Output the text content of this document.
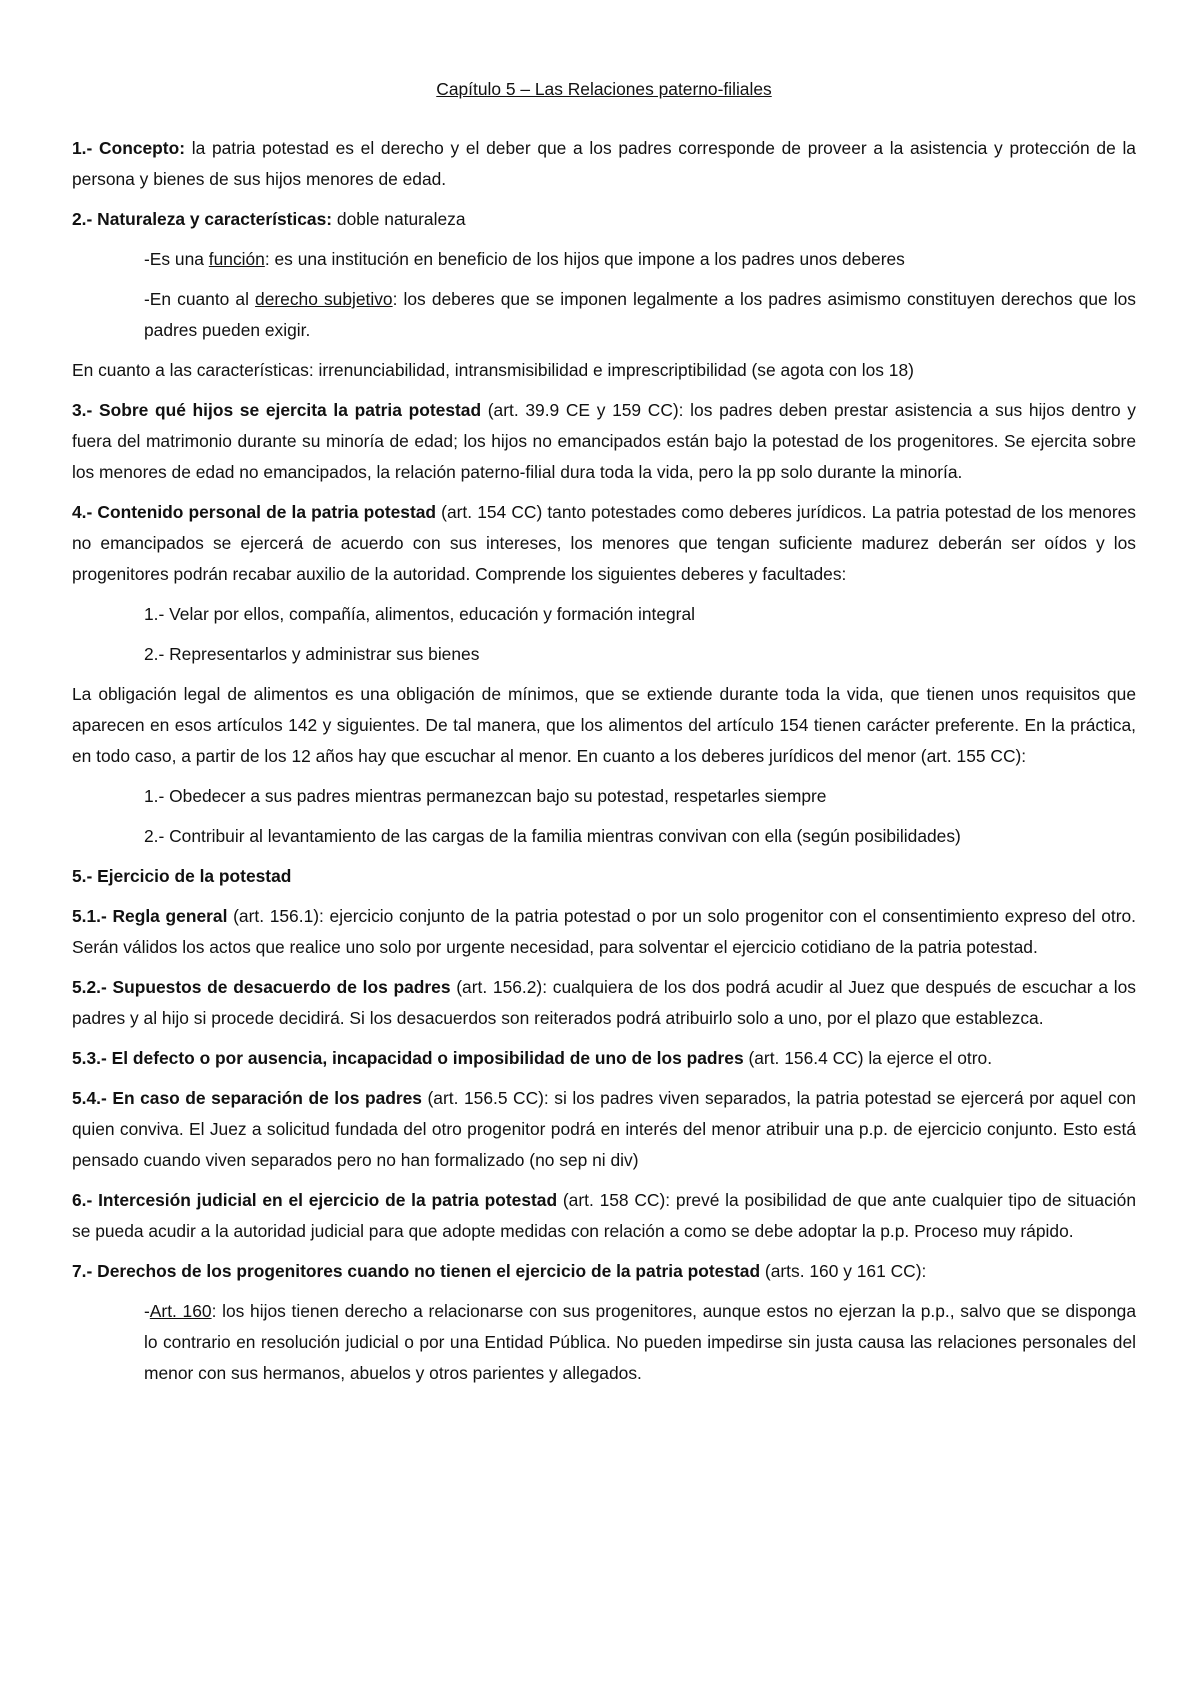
Capítulo 5 – Las Relaciones paterno-filiales

1.- Concepto: la patria potestad es el derecho y el deber que a los padres corresponde de proveer a la asistencia y protección de la persona y bienes de sus hijos menores de edad.

2.- Naturaleza y características: doble naturaleza

-Es una función: es una institución en beneficio de los hijos que impone a los padres unos deberes

-En cuanto al derecho subjetivo: los deberes que se imponen legalmente a los padres asimismo constituyen derechos que los padres pueden exigir.

En cuanto a las características: irrenunciabilidad, intransmisibilidad e imprescriptibilidad (se agota con los 18)

3.- Sobre qué hijos se ejercita la patria potestad (art. 39.9 CE y 159 CC): los padres deben prestar asistencia a sus hijos dentro y fuera del matrimonio durante su minoría de edad; los hijos no emancipados están bajo la potestad de los progenitores. Se ejercita sobre los menores de edad no emancipados, la relación paterno-filial dura toda la vida, pero la pp solo durante la minoría.

4.- Contenido personal de la patria potestad (art. 154 CC) tanto potestades como deberes jurídicos. La patria potestad de los menores no emancipados se ejercerá de acuerdo con sus intereses, los menores que tengan suficiente madurez deberán ser oídos y los progenitores podrán recabar auxilio de la autoridad. Comprende los siguientes deberes y facultades:

1.- Velar por ellos, compañía, alimentos, educación y formación integral

2.- Representarlos y administrar sus bienes

La obligación legal de alimentos es una obligación de mínimos, que se extiende durante toda la vida, que tienen unos requisitos que aparecen en esos artículos 142 y siguientes. De tal manera, que los alimentos del artículo 154 tienen carácter preferente. En la práctica, en todo caso, a partir de los 12 años hay que escuchar al menor. En cuanto a los deberes jurídicos del menor (art. 155 CC):

1.- Obedecer a sus padres mientras permanezcan bajo su potestad, respetarles siempre

2.- Contribuir al levantamiento de las cargas de la familia mientras convivan con ella (según posibilidades)

5.- Ejercicio de la potestad

5.1.- Regla general (art. 156.1): ejercicio conjunto de la patria potestad o por un solo progenitor con el consentimiento expreso del otro. Serán válidos los actos que realice uno solo por urgente necesidad, para solventar el ejercicio cotidiano de la patria potestad.

5.2.- Supuestos de desacuerdo de los padres (art. 156.2): cualquiera de los dos podrá acudir al Juez que después de escuchar a los padres y al hijo si procede decidirá. Si los desacuerdos son reiterados podrá atribuirlo solo a uno, por el plazo que establezca.

5.3.- El defecto o por ausencia, incapacidad o imposibilidad de uno de los padres (art. 156.4 CC) la ejerce el otro.

5.4.- En caso de separación de los padres (art. 156.5 CC): si los padres viven separados, la patria potestad se ejercerá por aquel con quien conviva. El Juez a solicitud fundada del otro progenitor podrá en interés del menor atribuir una p.p. de ejercicio conjunto. Esto está pensado cuando viven separados pero no han formalizado (no sep ni div)

6.- Intercesión judicial en el ejercicio de la patria potestad (art. 158 CC): prevé la posibilidad de que ante cualquier tipo de situación se pueda acudir a la autoridad judicial para que adopte medidas con relación a como se debe adoptar la p.p. Proceso muy rápido.

7.- Derechos de los progenitores cuando no tienen el ejercicio de la patria potestad (arts. 160 y 161 CC):

-Art. 160: los hijos tienen derecho a relacionarse con sus progenitores, aunque estos no ejerzan la p.p., salvo que se disponga lo contrario en resolución judicial o por una Entidad Pública. No pueden impedirse sin justa causa las relaciones personales del menor con sus hermanos, abuelos y otros parientes y allegados.
